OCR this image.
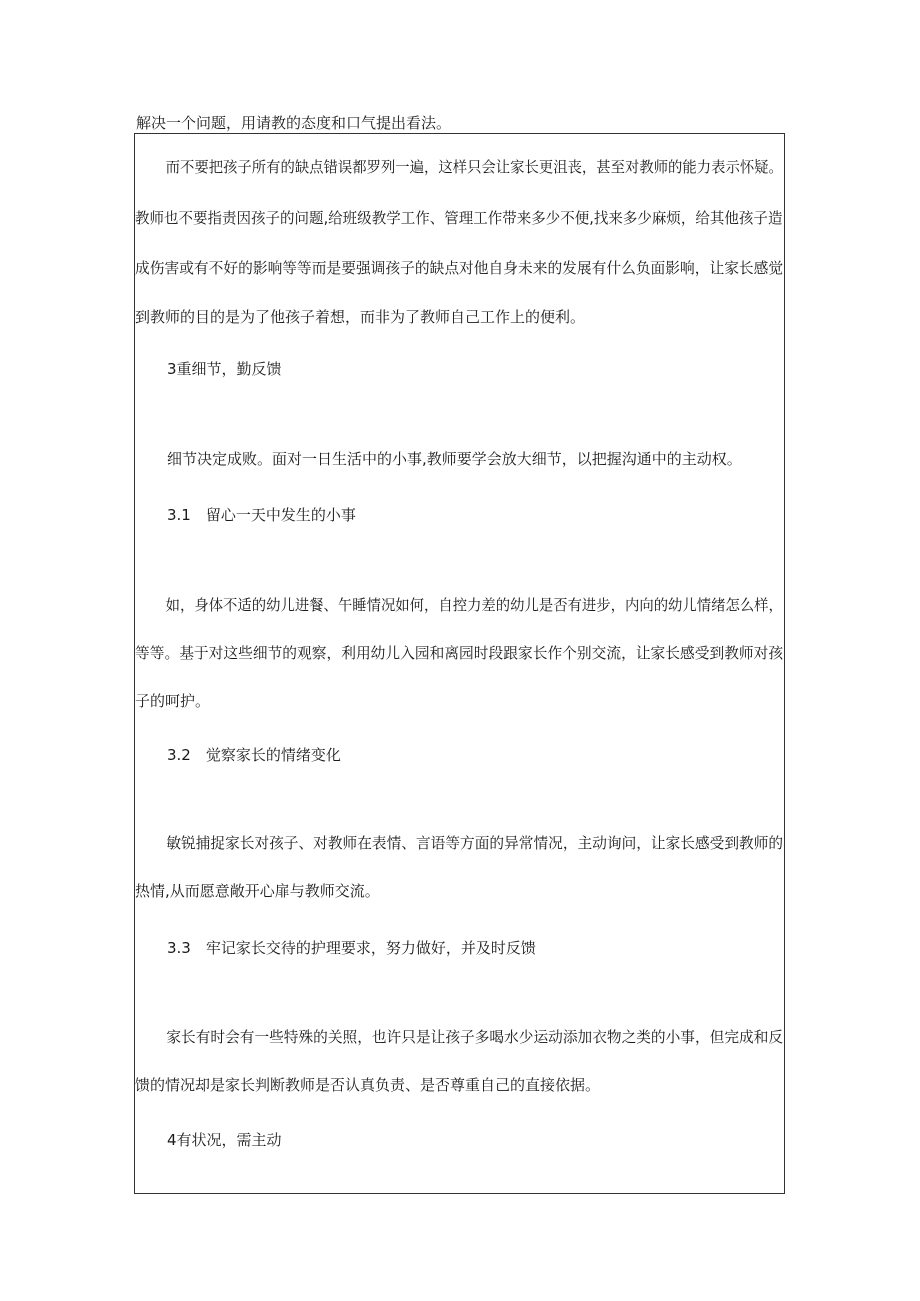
解决一个问题，用请教的态度和口气提出看法。
而不要把孩子所有的缺点错误都罗列一遍，这样只会让家长更沮丧，甚至对教师的能力表示怀疑。
教师也不要指责因孩子的问题,给班级教学工作、管理工作带来多少不便,找来多少麻烦，给其他孩子造
成伤害或有不好的影响等等而是要强调孩子的缺点对他自身未来的发展有什么负面影响，让家长感觉
到教师的目的是为了他孩子着想，而非为了教师自己工作上的便利。
3重细节，勤反馈
细节决定成败。面对一日生活中的小事,教师要学会放大细节，以把握沟通中的主动权。
3.1　留心一天中发生的小事
如，身体不适的幼儿进餐、午睡情况如何，自控力差的幼儿是否有进步，内向的幼儿情绪怎么样，
等等。基于对这些细节的观察，利用幼儿入园和离园时段跟家长作个别交流，让家长感受到教师对孩
子的呵护。
3.2　觉察家长的情绪变化
敏锐捕捉家长对孩子、对教师在表情、言语等方面的异常情况，主动询问，让家长感受到教师的
热情,从而愿意敞开心扉与教师交流。
3.3　牢记家长交待的护理要求，努力做好，并及时反馈
家长有时会有一些特殊的关照，也许只是让孩子多喝水少运动添加衣物之类的小事，但完成和反
馈的情况却是家长判断教师是否认真负责、是否尊重自己的直接依据。
4有状况，需主动
